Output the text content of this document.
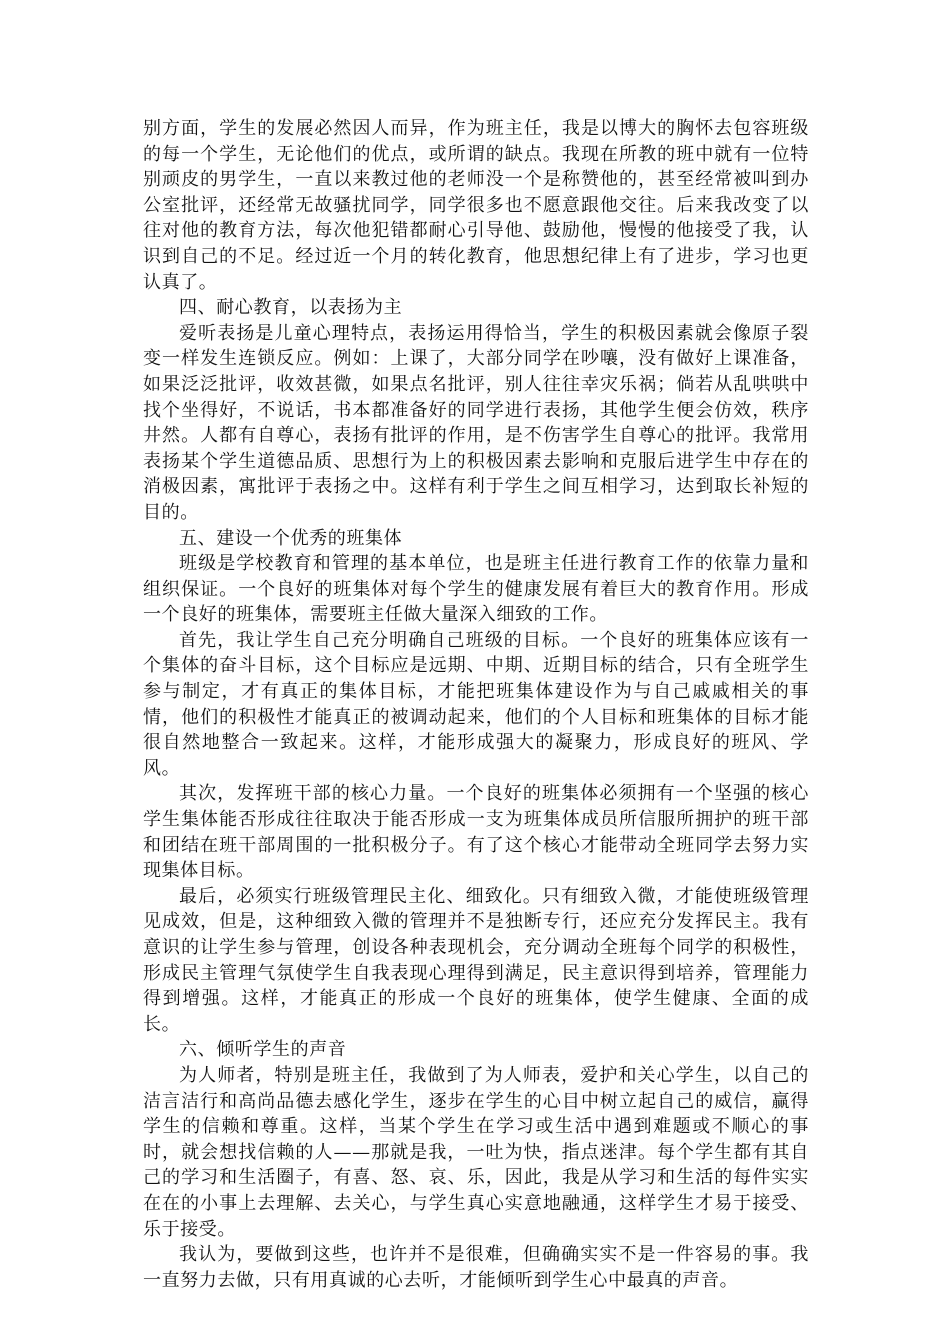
别方面，学生的发展必然因人而异，作为班主任，我是以博大的胸怀去包容班级的每一个学生，无论他们的优点，或所谓的缺点。我现在所教的班中就有一位特别顽皮的男学生，一直以来教过他的老师没一个是称赞他的，甚至经常被叫到办公室批评，还经常无故骚扰同学，同学很多也不愿意跟他交往。后来我改变了以往对他的教育方法，每次他犯错都耐心引导他、鼓励他，慢慢的他接受了我，认识到自己的不足。经过近一个月的转化教育，他思想纪律上有了进步，学习也更认真了。

四、耐心教育，以表扬为主

爱听表扬是儿童心理特点，表扬运用得恰当，学生的积极因素就会像原子裂变一样发生连锁反应。例如：上课了，大部分同学在吵嚷，没有做好上课准备，如果泛泛批评，收效甚微，如果点名批评，别人往往幸灾乐祸；倘若从乱哄哄中找个坐得好，不说话，书本都准备好的同学进行表扬，其他学生便会仿效，秩序井然。人都有自尊心，表扬有批评的作用，是不伤害学生自尊心的批评。我常用表扬某个学生道德品质、思想行为上的积极因素去影响和克服后进学生中存在的消极因素，寓批评于表扬之中。这样有利于学生之间互相学习，达到取长补短的目的。

五、建设一个优秀的班集体

班级是学校教育和管理的基本单位，也是班主任进行教育工作的依靠力量和组织保证。一个良好的班集体对每个学生的健康发展有着巨大的教育作用。形成一个良好的班集体，需要班主任做大量深入细致的工作。

首先，我让学生自己充分明确自己班级的目标。一个良好的班集体应该有一个集体的奋斗目标，这个目标应是远期、中期、近期目标的结合，只有全班学生参与制定，才有真正的集体目标，才能把班集体建设作为与自己戚戚相关的事情，他们的积极性才能真正的被调动起来，他们的个人目标和班集体的目标才能很自然地整合一致起来。这样，才能形成强大的凝聚力，形成良好的班风、学风。

其次，发挥班干部的核心力量。一个良好的班集体必须拥有一个坚强的核心学生集体能否形成往往取决于能否形成一支为班集体成员所信服所拥护的班干部和团结在班干部周围的一批积极分子。有了这个核心才能带动全班同学去努力实现集体目标。

最后，必须实行班级管理民主化、细致化。只有细致入微，才能使班级管理见成效，但是，这种细致入微的管理并不是独断专行，还应充分发挥民主。我有意识的让学生参与管理，创设各种表现机会，充分调动全班每个同学的积极性，形成民主管理气氛使学生自我表现心理得到满足，民主意识得到培养，管理能力得到增强。这样，才能真正的形成一个良好的班集体，使学生健康、全面的成长。

六、倾听学生的声音

为人师者，特别是班主任，我做到了为人师表，爱护和关心学生，以自己的洁言洁行和高尚品德去感化学生，逐步在学生的心目中树立起自己的威信，赢得学生的信赖和尊重。这样，当某个学生在学习或生活中遇到难题或不顺心的事时，就会想找信赖的人——那就是我，一吐为快，指点迷津。每个学生都有其自己的学习和生活圈子，有喜、怒、哀、乐，因此，我是从学习和生活的每件实实在在的小事上去理解、去关心，与学生真心实意地融通，这样学生才易于接受、乐于接受。

我认为，要做到这些，也许并不是很难，但确确实实不是一件容易的事。我一直努力去做，只有用真诚的心去听，才能倾听到学生心中最真的声音。
